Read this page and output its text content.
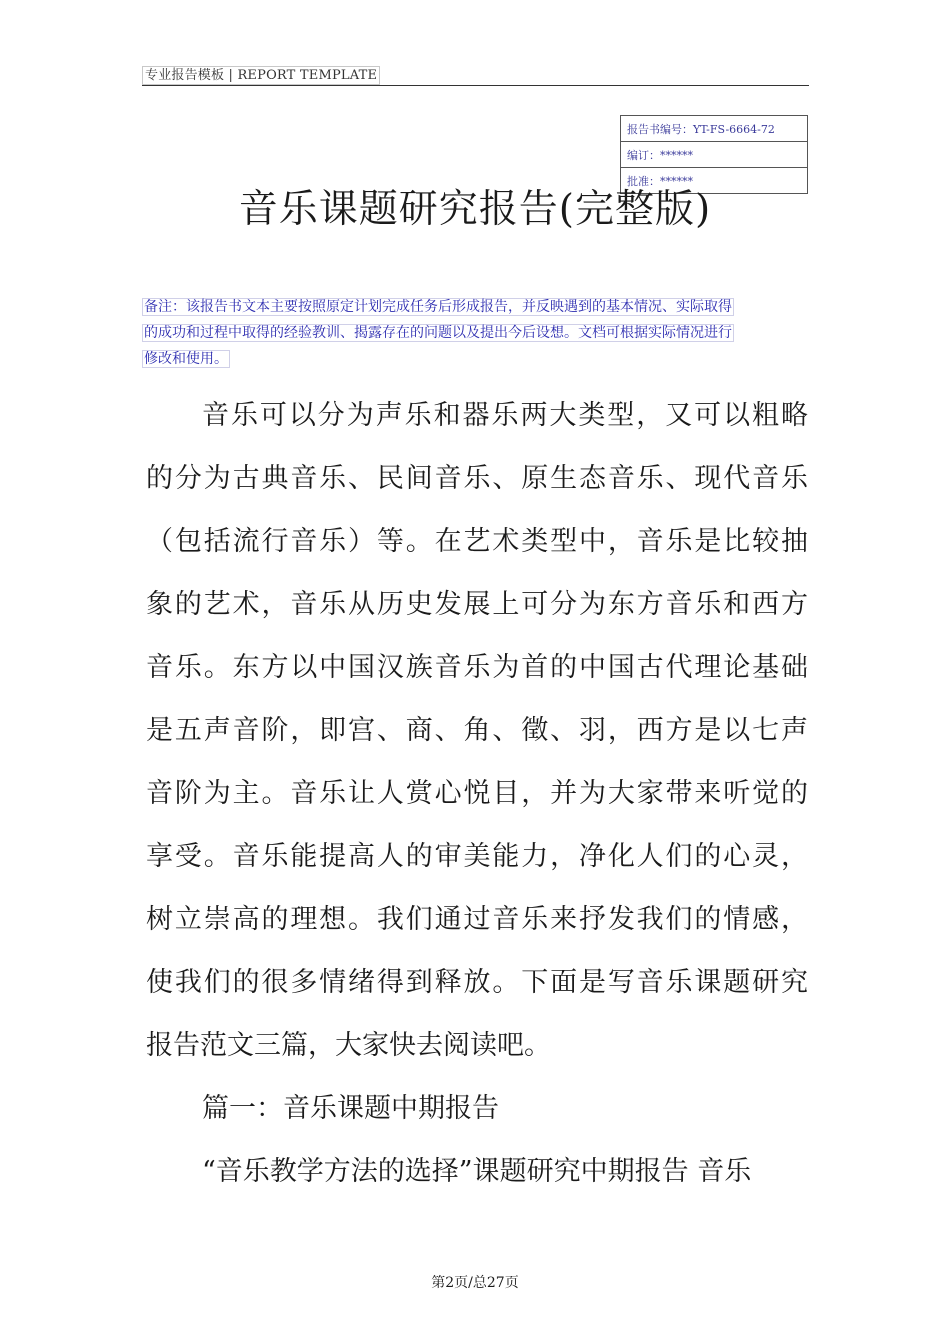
专业报告模板 | REPORT TEMPLATE
报告书编号：YT-FS-6664-72
编订：******
批准：******
音乐课题研究报告(完整版)
备注：该报告书文本主要按照原定计划完成任务后形成报告，并反映遇到的基本情况、实际取得
的成功和过程中取得的经验教训、揭露存在的问题以及提出今后设想。文档可根据实际情况进行
修改和使用。
音乐可以分为声乐和器乐两大类型，又可以粗略
的分为古典音乐、民间音乐、原生态音乐、现代音乐
（包括流行音乐）等。在艺术类型中，音乐是比较抽
象的艺术，音乐从历史发展上可分为东方音乐和西方
音乐。东方以中国汉族音乐为首的中国古代理论基础
是五声音阶，即宫、商、角、徵、羽，西方是以七声
音阶为主。音乐让人赏心悦目，并为大家带来听觉的
享受。音乐能提高人的审美能力，净化人们的心灵，
树立崇高的理想。我们通过音乐来抒发我们的情感，
使我们的很多情绪得到释放。下面是写音乐课题研究
报告范文三篇，大家快去阅读吧。
篇一：音乐课题中期报告
“音乐教学方法的选择”课题研究中期报告 音乐
第2页/总27页
